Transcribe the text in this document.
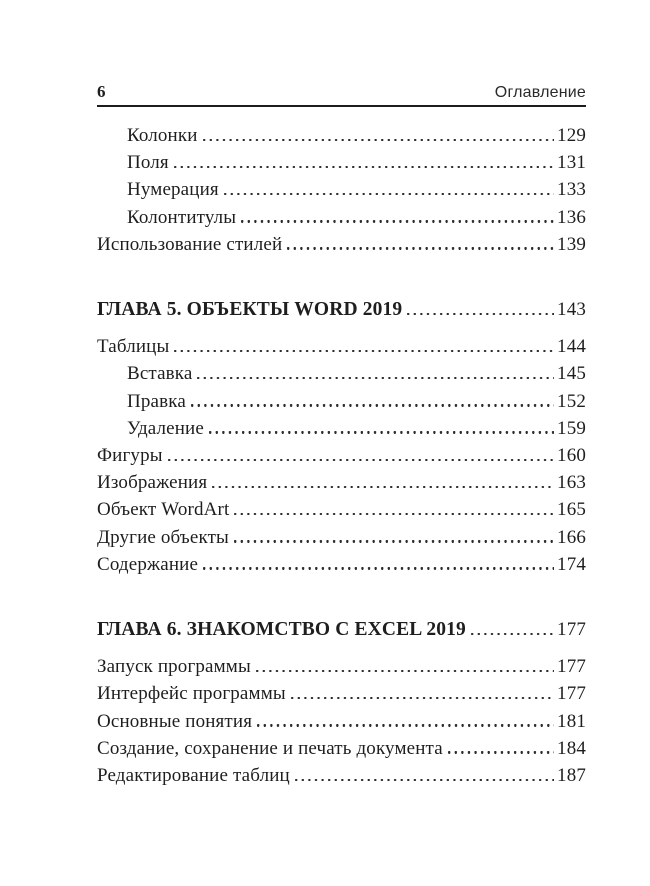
6	Оглавление
Колонки	129
Поля	131
Нумерация	133
Колонтитулы	136
Использование стилей	139
ГЛАВА 5. ОБЪЕКТЫ WORD 2019	143
Таблицы	144
Вставка	145
Правка	152
Удаление	159
Фигуры	160
Изображения	163
Объект WordArt	165
Другие объекты	166
Содержание	174
ГЛАВА 6. ЗНАКОМСТВО С EXCEL 2019	177
Запуск программы	177
Интерфейс программы	177
Основные понятия	181
Создание, сохранение и печать документа	184
Редактирование таблиц	187
